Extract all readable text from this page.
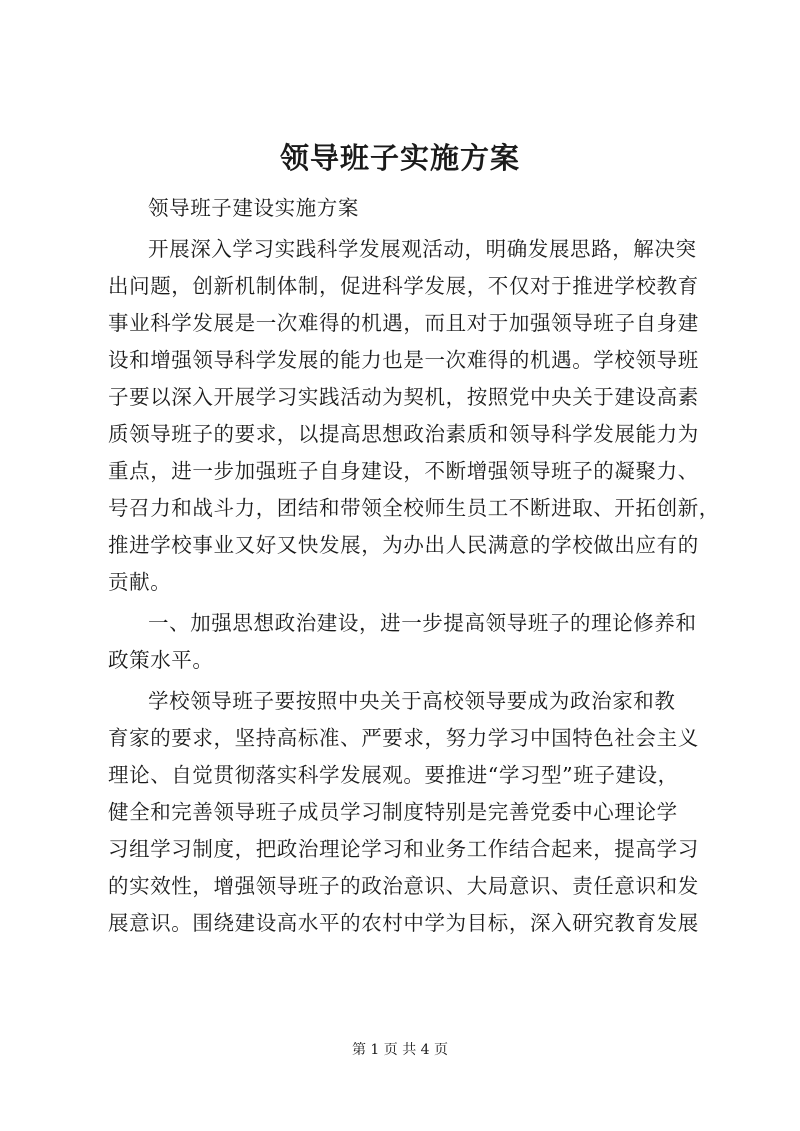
领导班子实施方案
领导班子建设实施方案
开展深入学习实践科学发展观活动，明确发展思路，解决突
出问题，创新机制体制，促进科学发展，不仅对于推进学校教育
事业科学发展是一次难得的机遇，而且对于加强领导班子自身建
设和增强领导科学发展的能力也是一次难得的机遇。学校领导班
子要以深入开展学习实践活动为契机，按照党中央关于建设高素
质领导班子的要求，以提高思想政治素质和领导科学发展能力为
重点，进一步加强班子自身建设，不断增强领导班子的凝聚力、
号召力和战斗力，团结和带领全校师生员工不断进取、开拓创新，
推进学校事业又好又快发展，为办出人民满意的学校做出应有的
贡献。
一、加强思想政治建设，进一步提高领导班子的理论修养和
政策水平。
学校领导班子要按照中央关于高校领导要成为政治家和教
育家的要求，坚持高标准、严要求，努力学习中国特色社会主义
理论、自觉贯彻落实科学发展观。要推进“学习型”班子建设，
健全和完善领导班子成员学习制度特别是完善党委中心理论学
习组学习制度，把政治理论学习和业务工作结合起来，提高学习
的实效性，增强领导班子的政治意识、大局意识、责任意识和发
展意识。围绕建设高水平的农村中学为目标，深入研究教育发展
第 1 页 共 4 页
